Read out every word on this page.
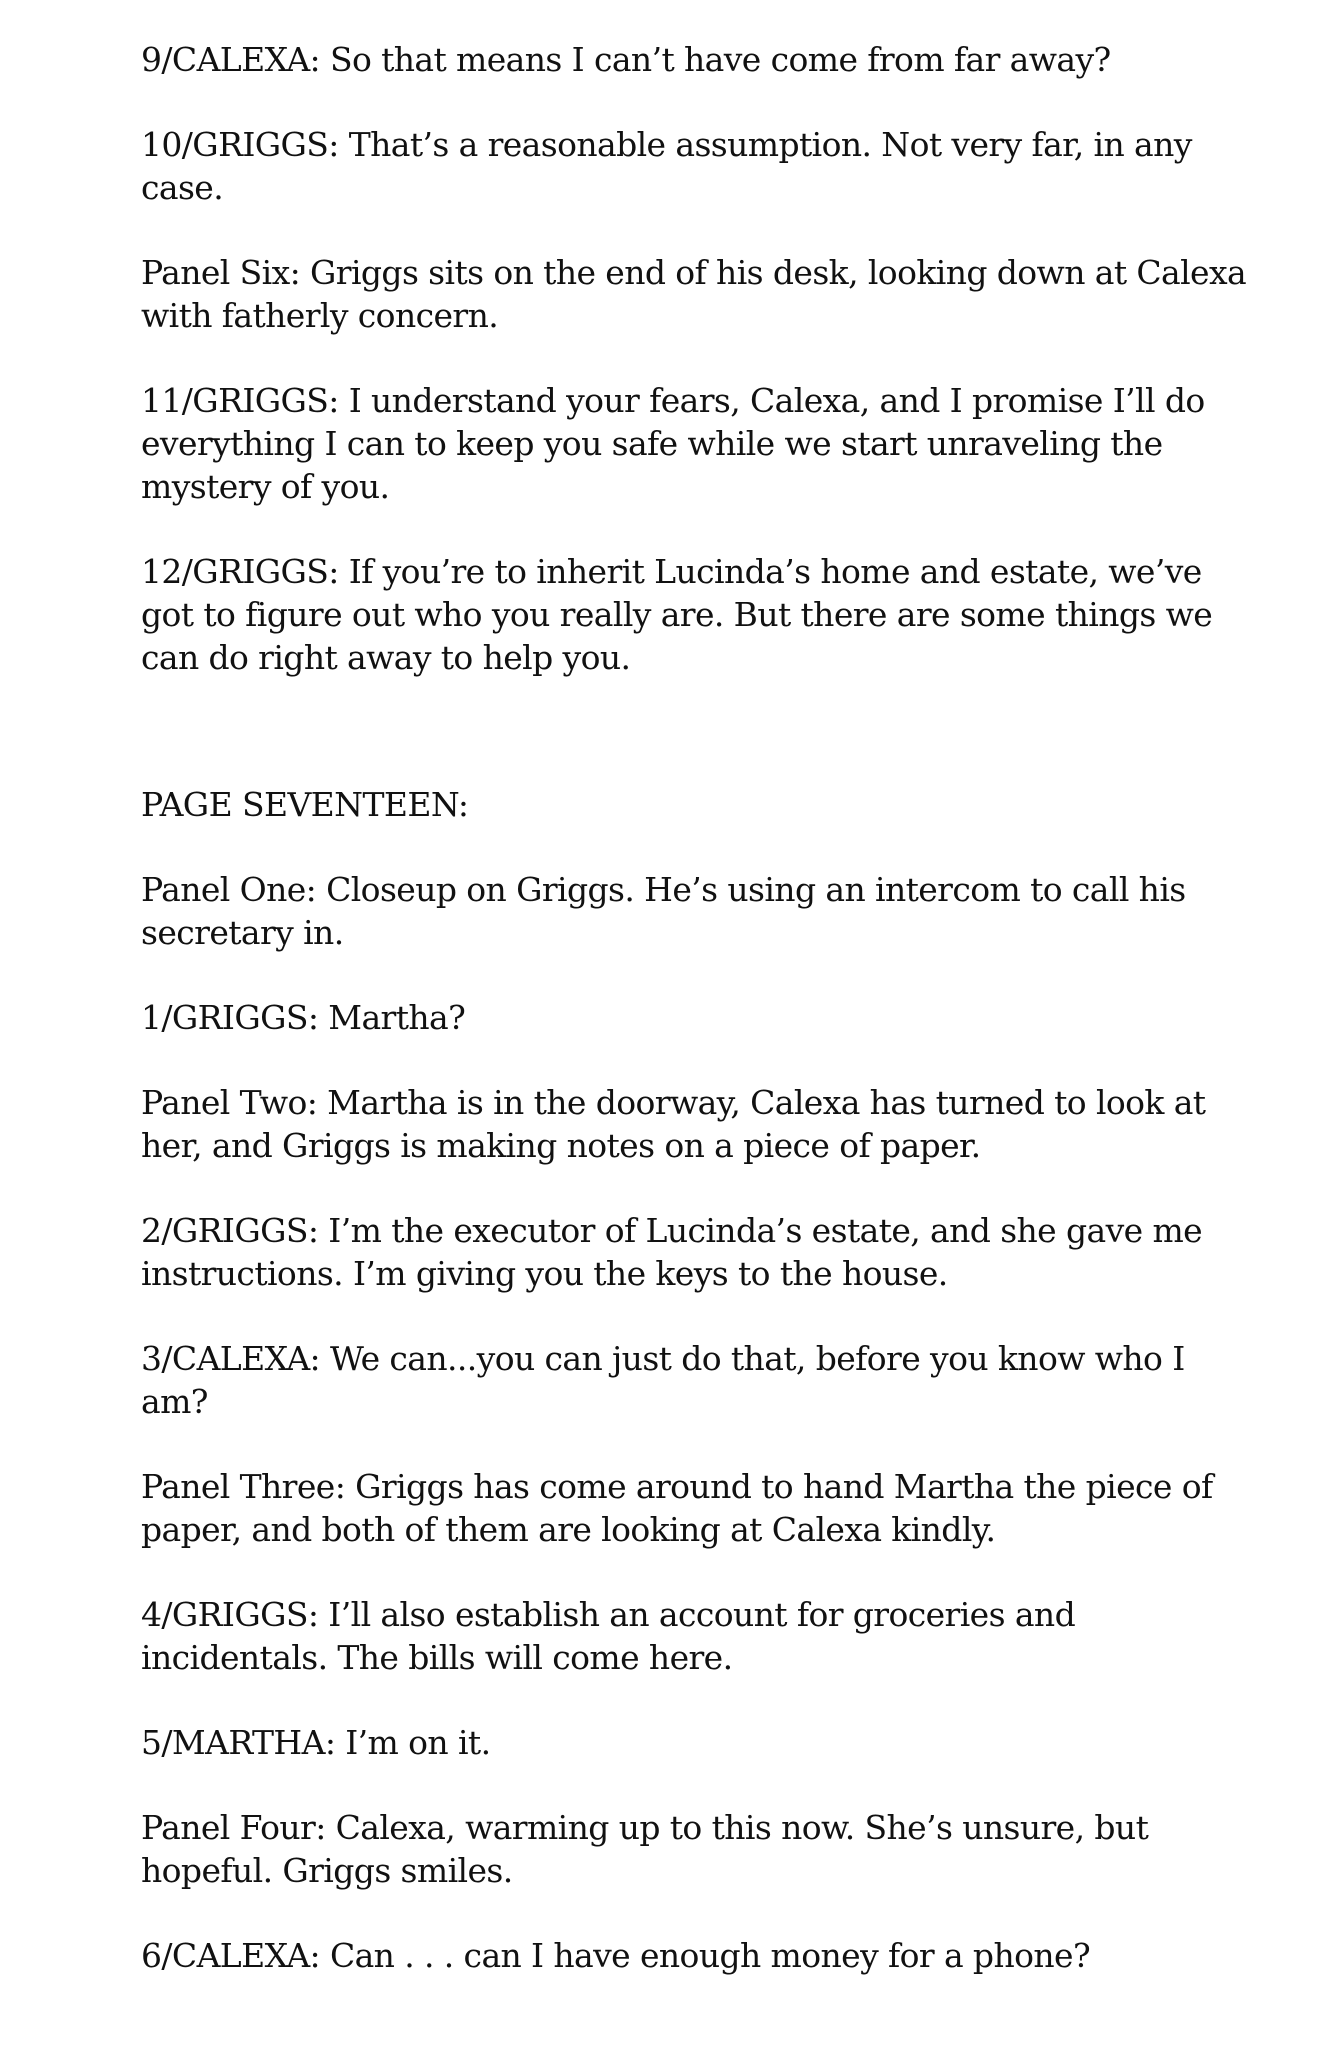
9/CALEXA: So that means I can’t have come from far away?

10/GRIGGS: That’s a reasonable assumption. Not very far, in any case.

Panel Six: Griggs sits on the end of his desk, looking down at Calexa with fatherly concern.

11/GRIGGS: I understand your fears, Calexa, and I promise I’ll do everything I can to keep you safe while we start unraveling the mystery of you.

12/GRIGGS: If you’re to inherit Lucinda’s home and estate, we’ve got to figure out who you really are. But there are some things we can do right away to help you.

PAGE SEVENTEEN:

Panel One: Closeup on Griggs. He’s using an intercom to call his secretary in.

1/GRIGGS: Martha?

Panel Two: Martha is in the doorway, Calexa has turned to look at her, and Griggs is making notes on a piece of paper.

2/GRIGGS: I’m the executor of Lucinda’s estate, and she gave me instructions. I’m giving you the keys to the house.

3/CALEXA: We can...you can just do that, before you know who I am?

Panel Three: Griggs has come around to hand Martha the piece of paper, and both of them are looking at Calexa kindly.

4/GRIGGS: I’ll also establish an account for groceries and incidentals. The bills will come here.

5/MARTHA: I’m on it.

Panel Four: Calexa, warming up to this now. She’s unsure, but hopeful. Griggs smiles.

6/CALEXA: Can . . . can I have enough money for a phone?
